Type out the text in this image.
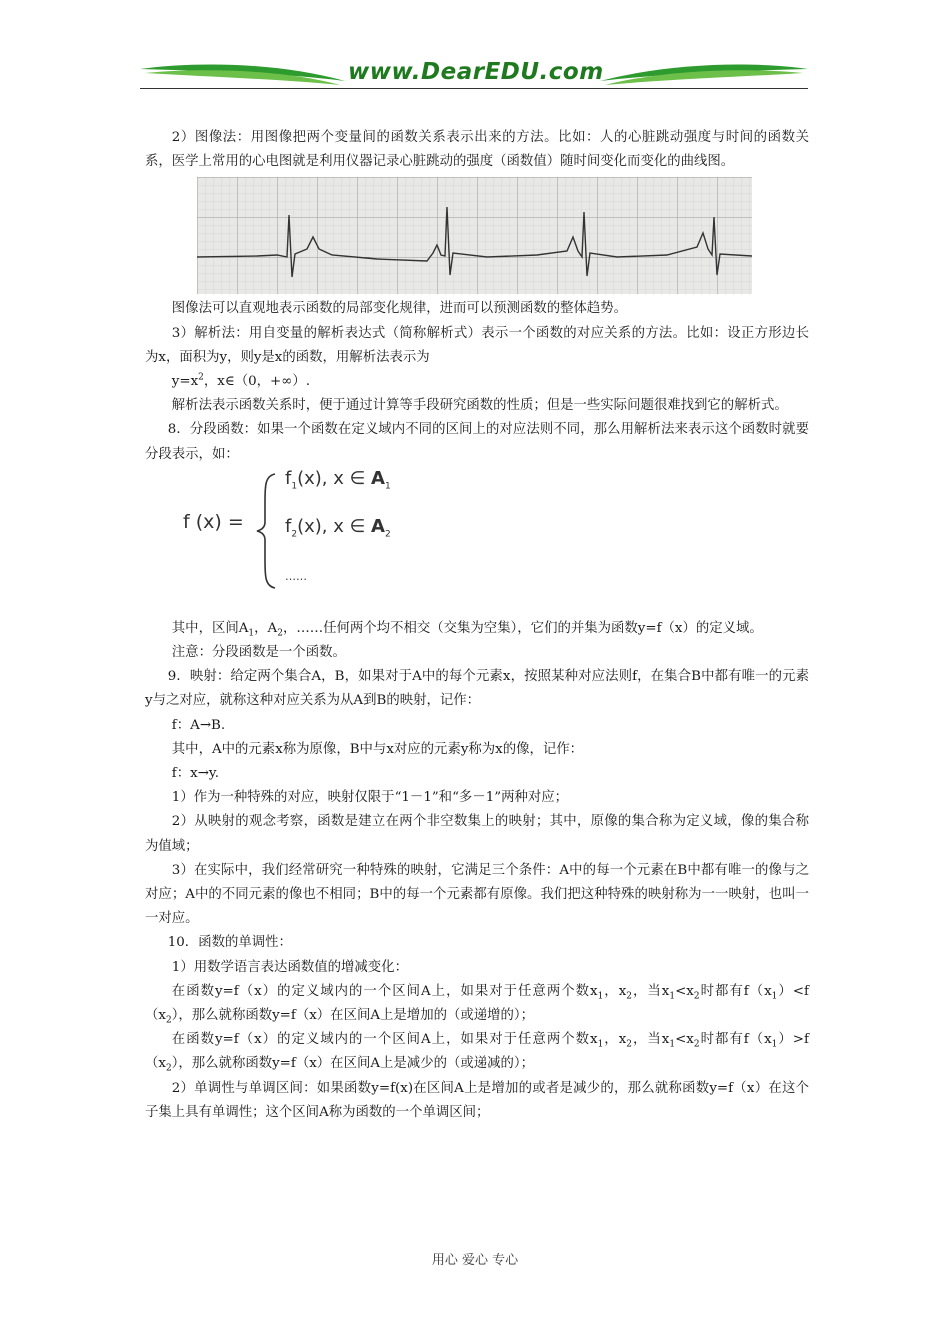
www.DearEDU.com

2）图像法：用图像把两个变量间的函数关系表示出来的方法。比如：人的心脏跳动强度与时间的函数关系，医学上常用的心电图就是利用仪器记录心脏跳动的强度（函数值）随时间变化而变化的曲线图。

图像法可以直观地表示函数的局部变化规律，进而可以预测函数的整体趋势。

3）解析法：用自变量的解析表达式（简称解析式）表示一个函数的对应关系的方法。比如：设正方形边长为x，面积为y，则y是x的函数，用解析法表示为

$y=x^2$，x∈（0，+∞）.

解析法表示函数关系时，便于通过计算等手段研究函数的性质；但是一些实际问题很难找到它的解析式。

8．分段函数：如果一个函数在定义域内不同的区间上的对应法则不同，那么用解析法来表示这个函数时就要分段表示，如：

f (x) =
$f_1(x)$, x ∈ $A_1$
$f_2(x)$, x ∈ $A_2$
……

其中，区间$A_1$，$A_2$，……任何两个均不相交（交集为空集），它们的并集为函数y=f（x）的定义域。

注意：分段函数是一个函数。

9．映射：给定两个集合A，B，如果对于A中的每个元素x，按照某种对应法则f，在集合B中都有唯一的元素y与之对应，就称这种对应关系为从A到B的映射，记作：

f：A→B.

其中，A中的元素x称为原像，B中与x对应的元素y称为x的像，记作：

f：x→y.

1）作为一种特殊的对应，映射仅限于“1－1”和“多－1”两种对应；

2）从映射的观念考察，函数是建立在两个非空数集上的映射；其中，原像的集合称为定义域，像的集合称为值域；

3）在实际中，我们经常研究一种特殊的映射，它满足三个条件：A中的每一个元素在B中都有唯一的像与之对应；A中的不同元素的像也不相同；B中的每一个元素都有原像。我们把这种特殊的映射称为一一映射，也叫一一对应。

10．函数的单调性：

1）用数学语言表达函数值的增减变化：

在函数y=f（x）的定义域内的一个区间A上，如果对于任意两个数$x_1$，$x_2$，当$x_1<x_2$时都有$f(x_1)<f(x_2)$，那么就称函数y=f（x）在区间A上是增加的（或递增的）；

在函数y=f（x）的定义域内的一个区间A上，如果对于任意两个数$x_1$，$x_2$，当$x_1<x_2$时都有$f(x_1)>f(x_2)$，那么就称函数y=f（x）在区间A上是减少的（或递减的）；

2）单调性与单调区间：如果函数y=f(x)在区间A上是增加的或者是减少的，那么就称函数y=f（x）在这个子集上具有单调性；这个区间A称为函数的一个单调区间；

用心 爱心 专心
